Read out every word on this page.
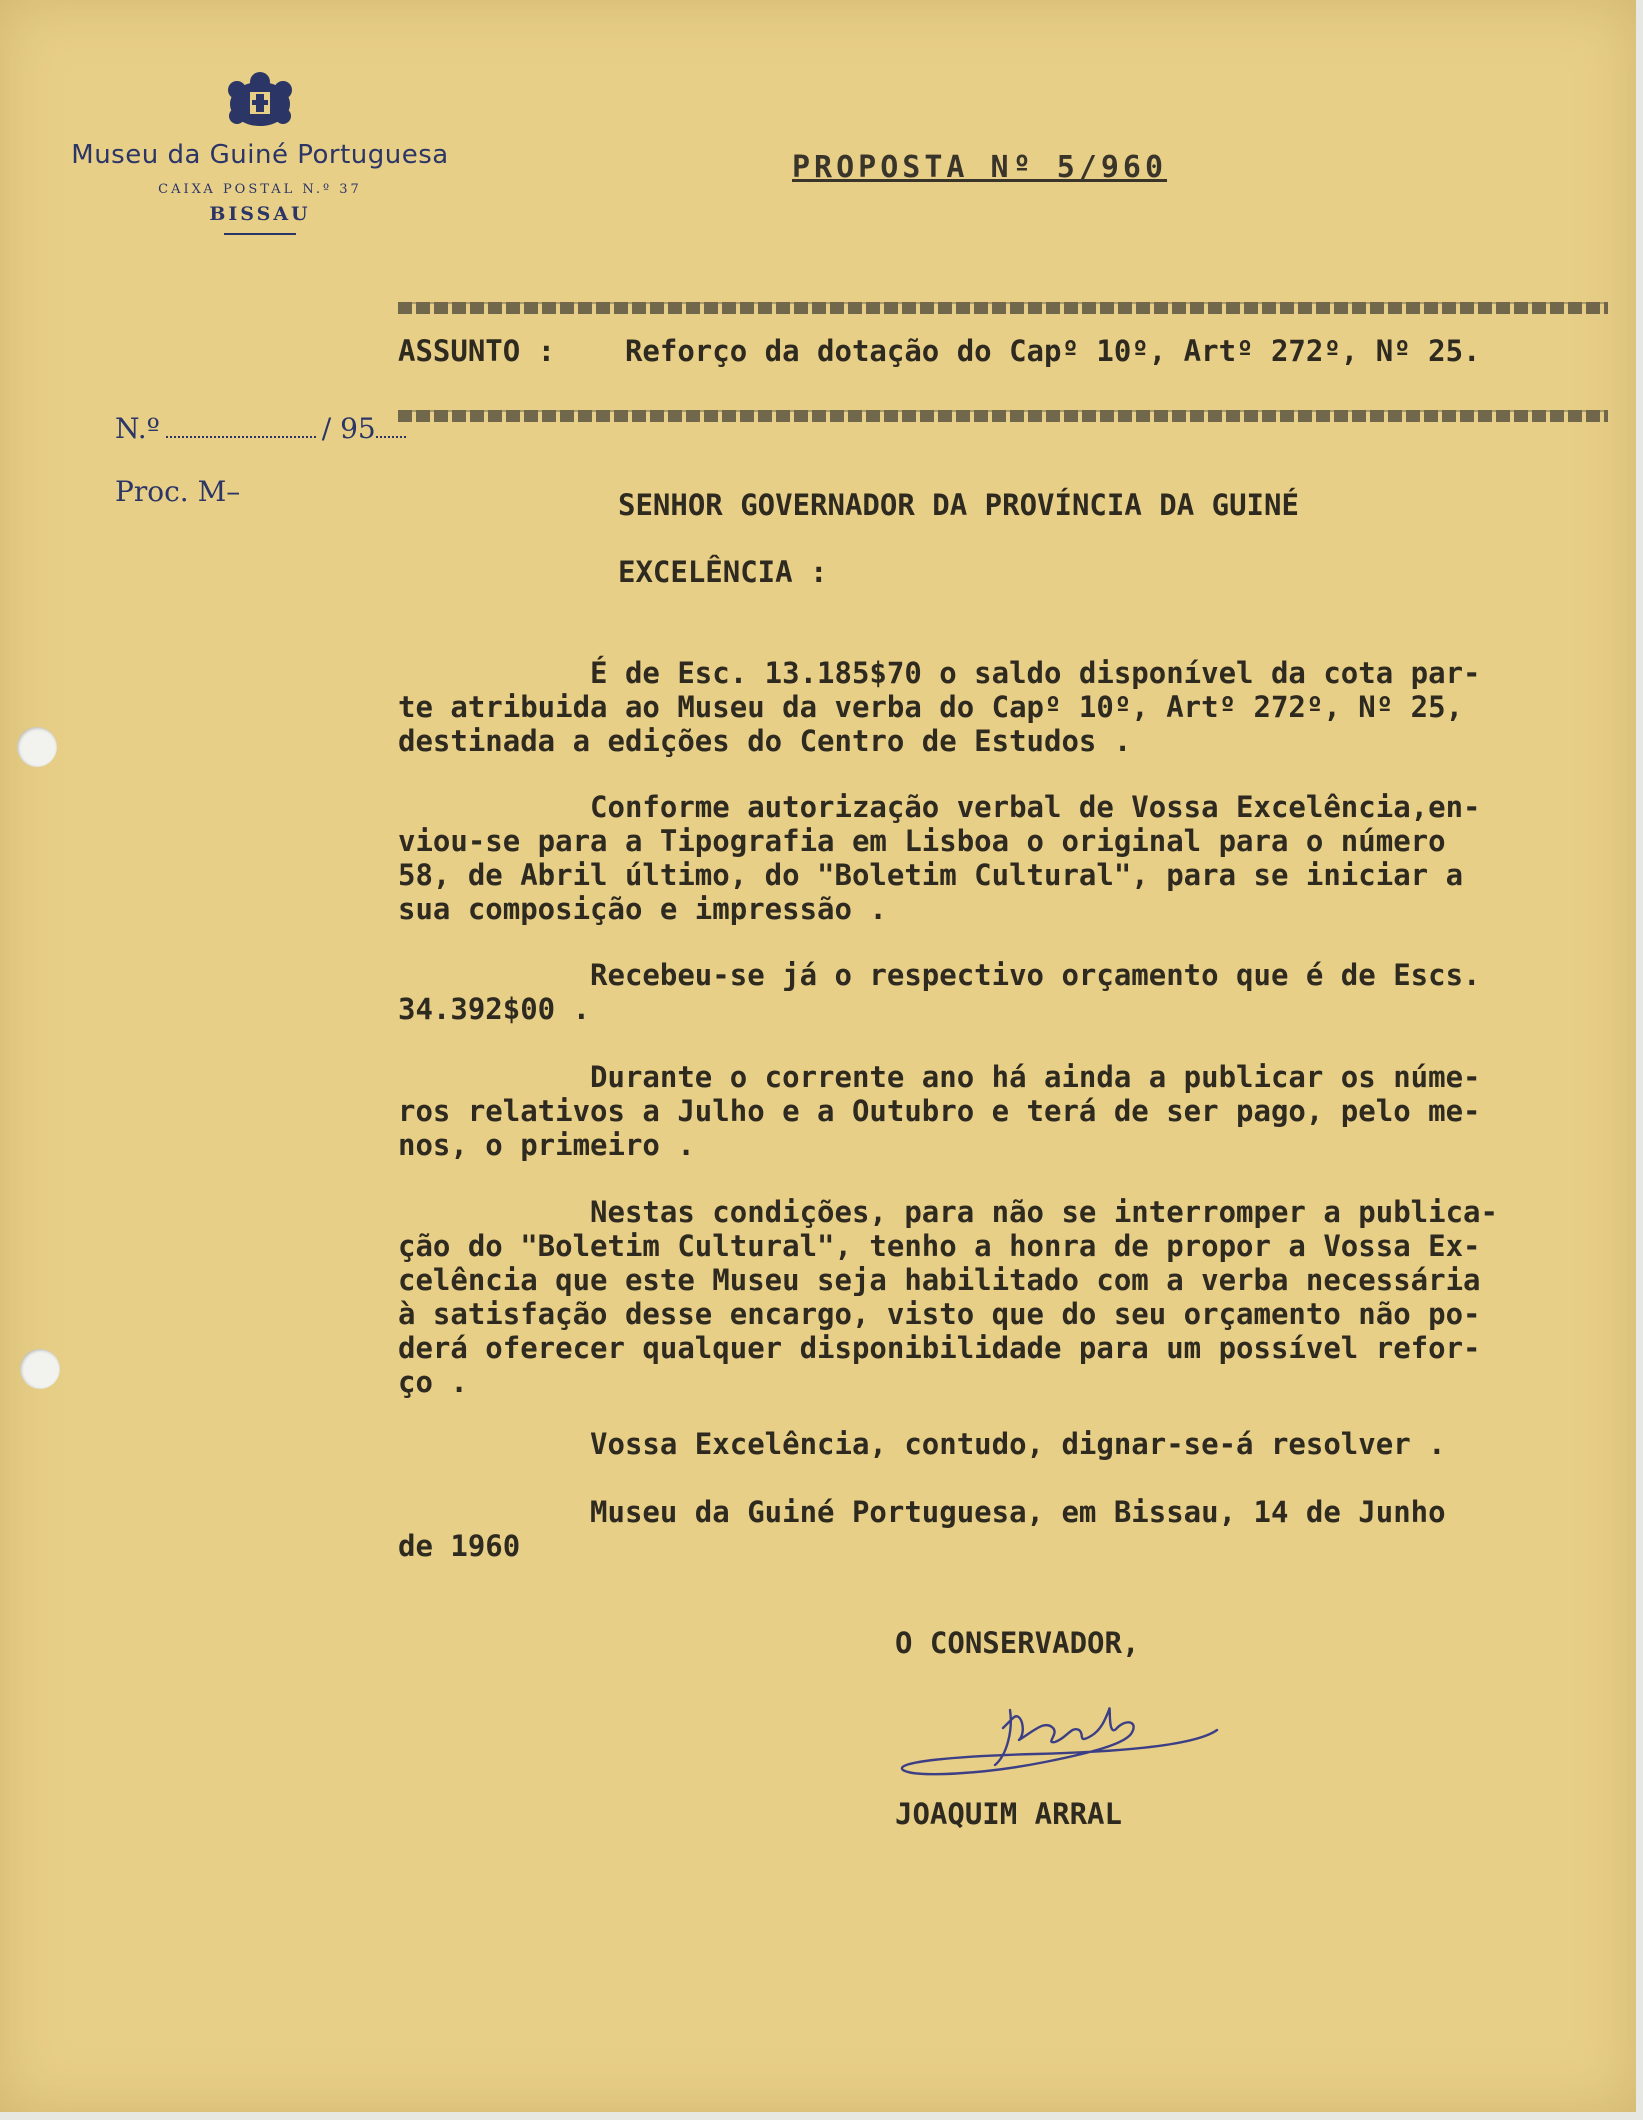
Museu da Guiné Portuguesa
CAIXA POSTAL N.º 37
BISSAU
PROPOSTA Nº 5/960
ASSUNTO :    Reforço da dotação do Capº 10º, Artº 272º, Nº 25.
N.º	/ 95
Proc. M–	SENHOR GOVERNADOR DA PROVÍNCIA DA GUINÉ
EXCELÊNCIA :
É de Esc. 13.185$70 o saldo disponível da cota par-
te atribuida ao Museu da verba do Capº 10º, Artº 272º, Nº 25,
destinada a edições do Centro de Estudos .
Conforme autorização verbal de Vossa Excelência,en-
viou-se para a Tipografia em Lisboa o original para o número
58, de Abril último, do "Boletim Cultural", para se iniciar a
sua composição e impressão .
Recebeu-se já o respectivo orçamento que é de Escs.
34.392$00 .
Durante o corrente ano há ainda a publicar os núme-
ros relativos a Julho e a Outubro e terá de ser pago, pelo me-
nos, o primeiro .
Nestas condições, para não se interromper a publica-
ção do "Boletim Cultural", tenho a honra de propor a Vossa Ex-
celência que este Museu seja habilitado com a verba necessária
à satisfação desse encargo, visto que do seu orçamento não po-
derá oferecer qualquer disponibilidade para um possível refor-
ço .
Vossa Excelência, contudo, dignar-se-á resolver .
Museu da Guiné Portuguesa, em Bissau, 14 de Junho
de 1960
O CONSERVADOR,
JOAQUIM ARRAL
